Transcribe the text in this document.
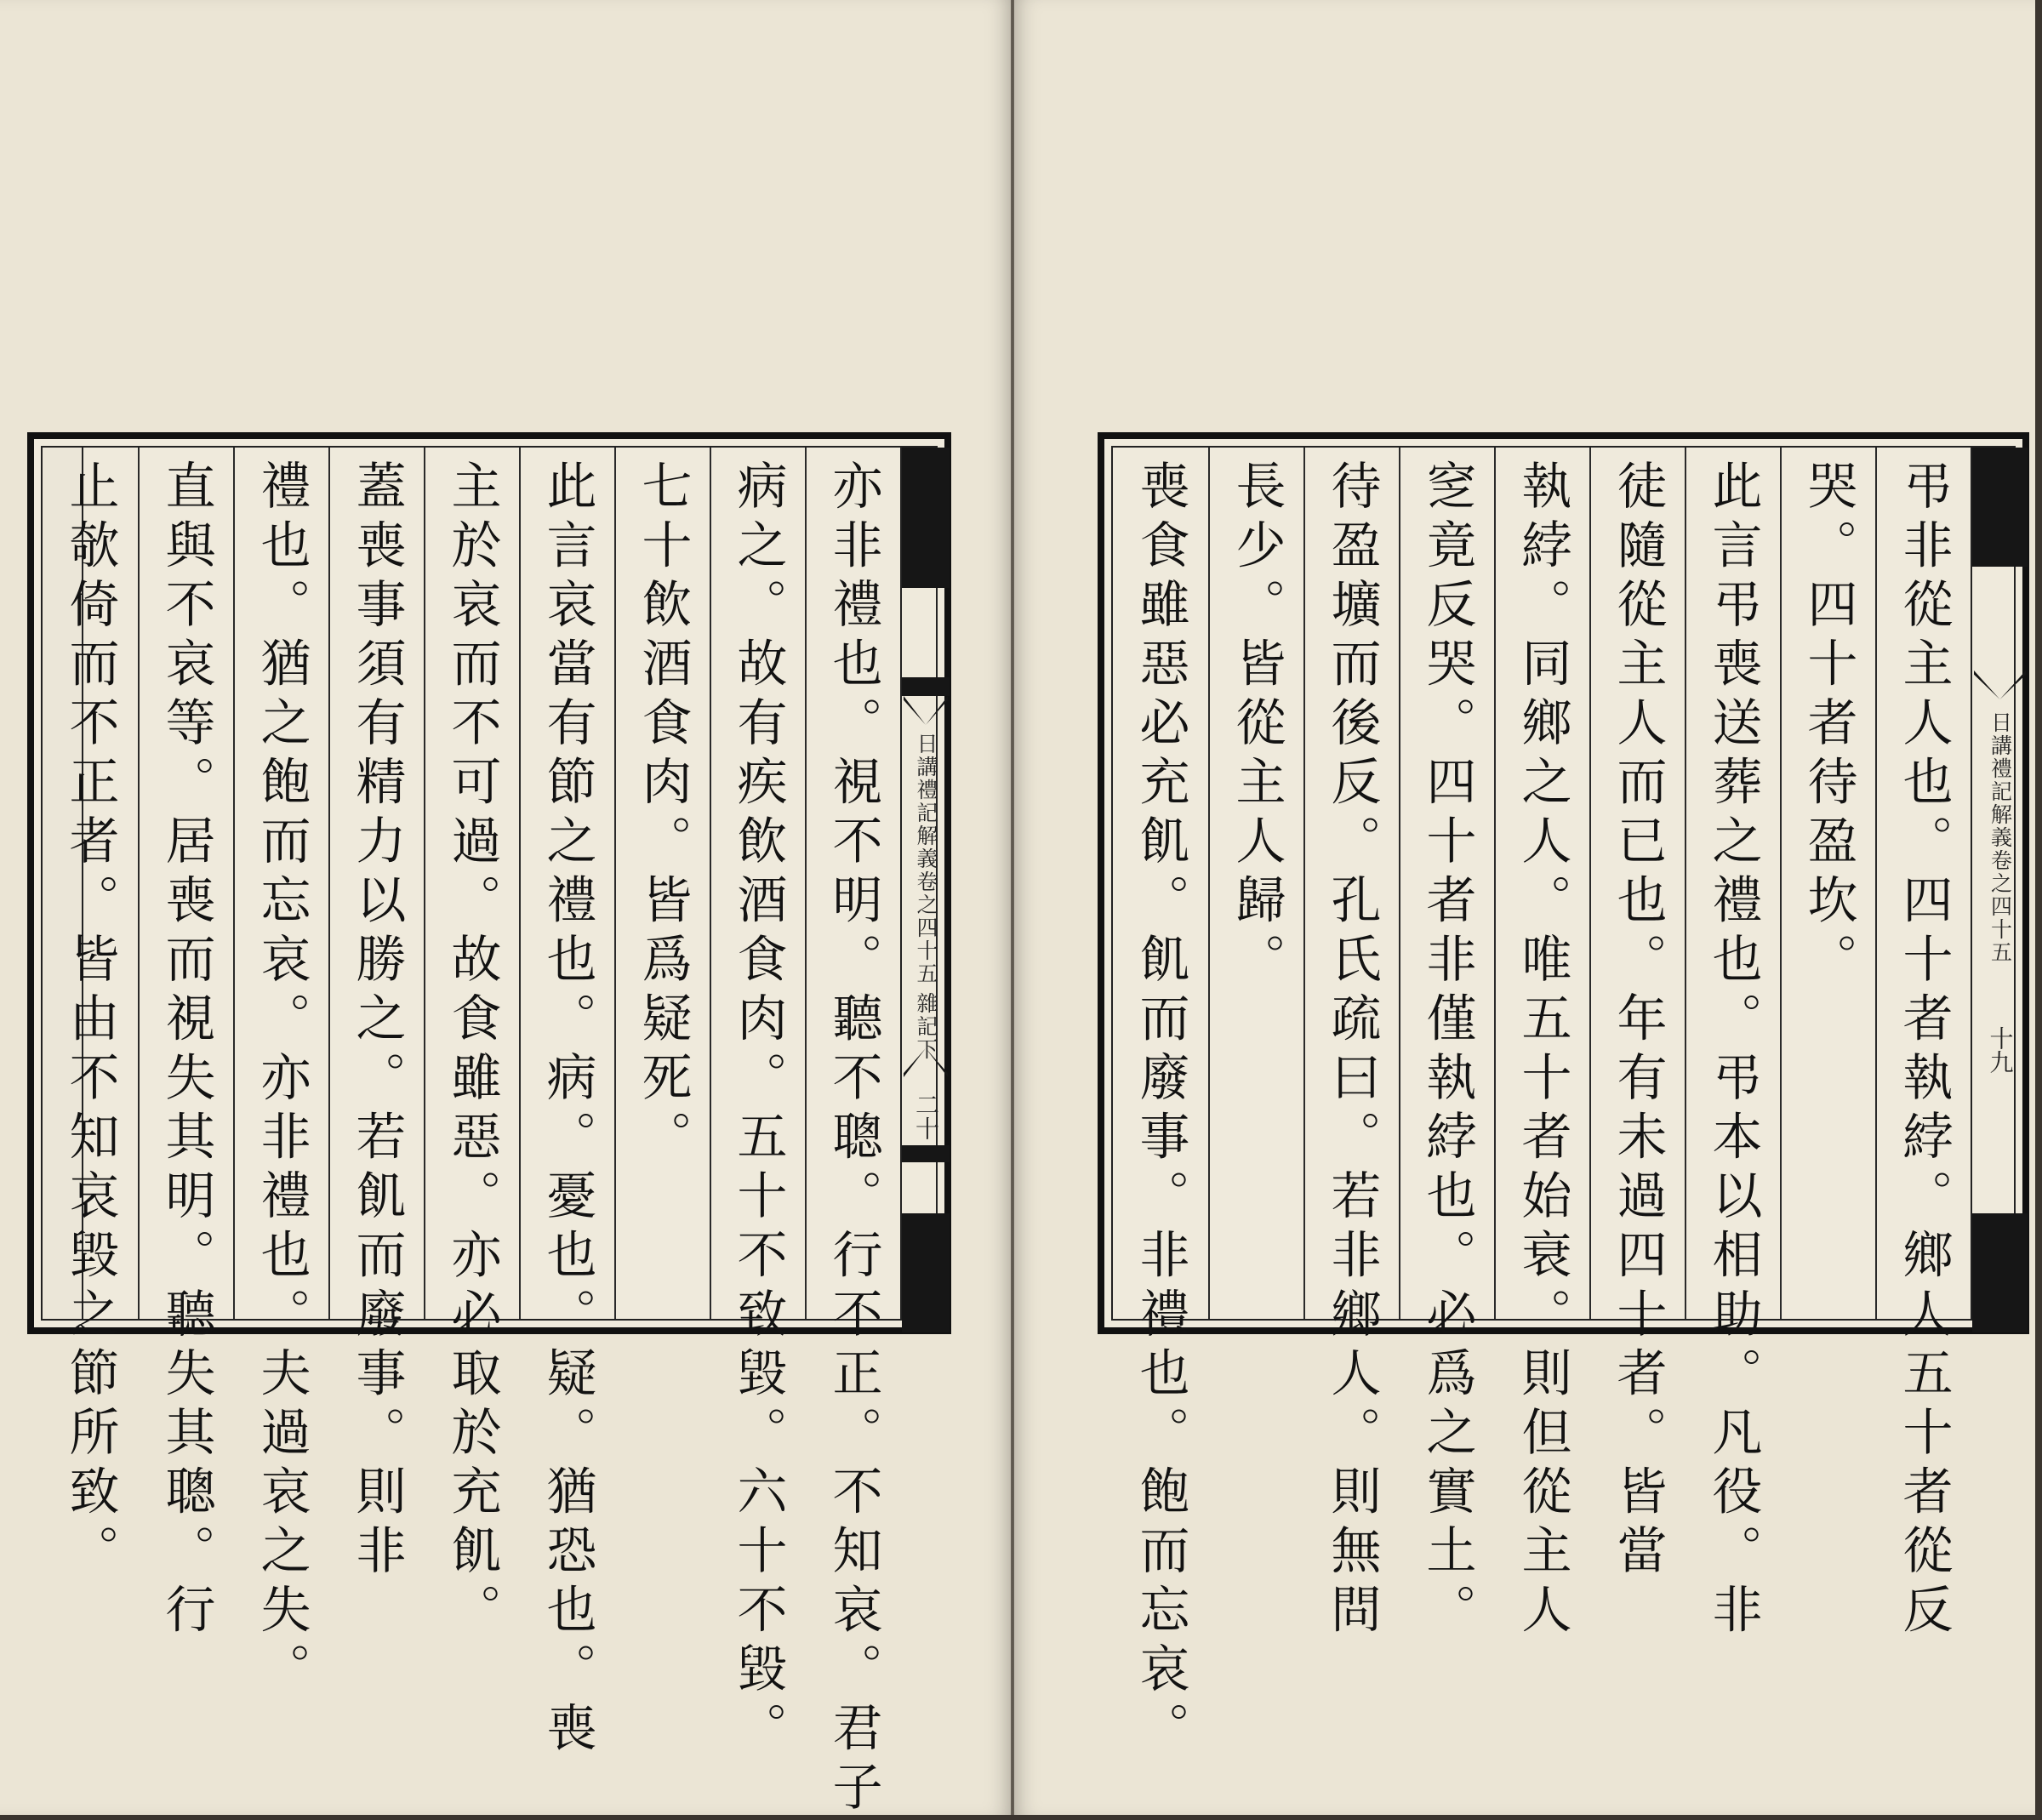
日講禮記解義卷之四十五
雜記下
二十
亦非禮也。視不明。聽不聰。行不正。不知哀。君子
病之。故有疾飲酒食肉。五十不致毀。六十不毀。
七十飲酒食肉。皆爲疑死。
此言哀當有節之禮也。病。憂也。疑。猶恐也。喪
主於哀而不可過。故食雖惡。亦必取於充飢。
蓋喪事須有精力以勝之。若飢而廢事。則非
禮也。猶之飽而忘哀。亦非禮也。夫過哀之失。
直與不哀等。居喪而視失其明。聽失其聰。行
止欹倚而不正者。皆由不知哀毀之節所致。	日講禮記解義卷之四十五
十九
弔非從主人也。四十者執綍。鄉人五十者從反
哭。四十者待盈坎。
此言弔喪送葬之禮也。弔本以相助。凡役。非
徒隨從主人而已也。年有未過四十者。皆當
執綍。同鄉之人。唯五十者始衰。則但從主人
窆竟反哭。四十者非僅執綍也。必爲之實土。
待盈壙而後反。孔氏疏曰。若非鄉人。則無問
長少。皆從主人歸。
喪食雖惡必充飢。飢而廢事。非禮也。飽而忘哀。
